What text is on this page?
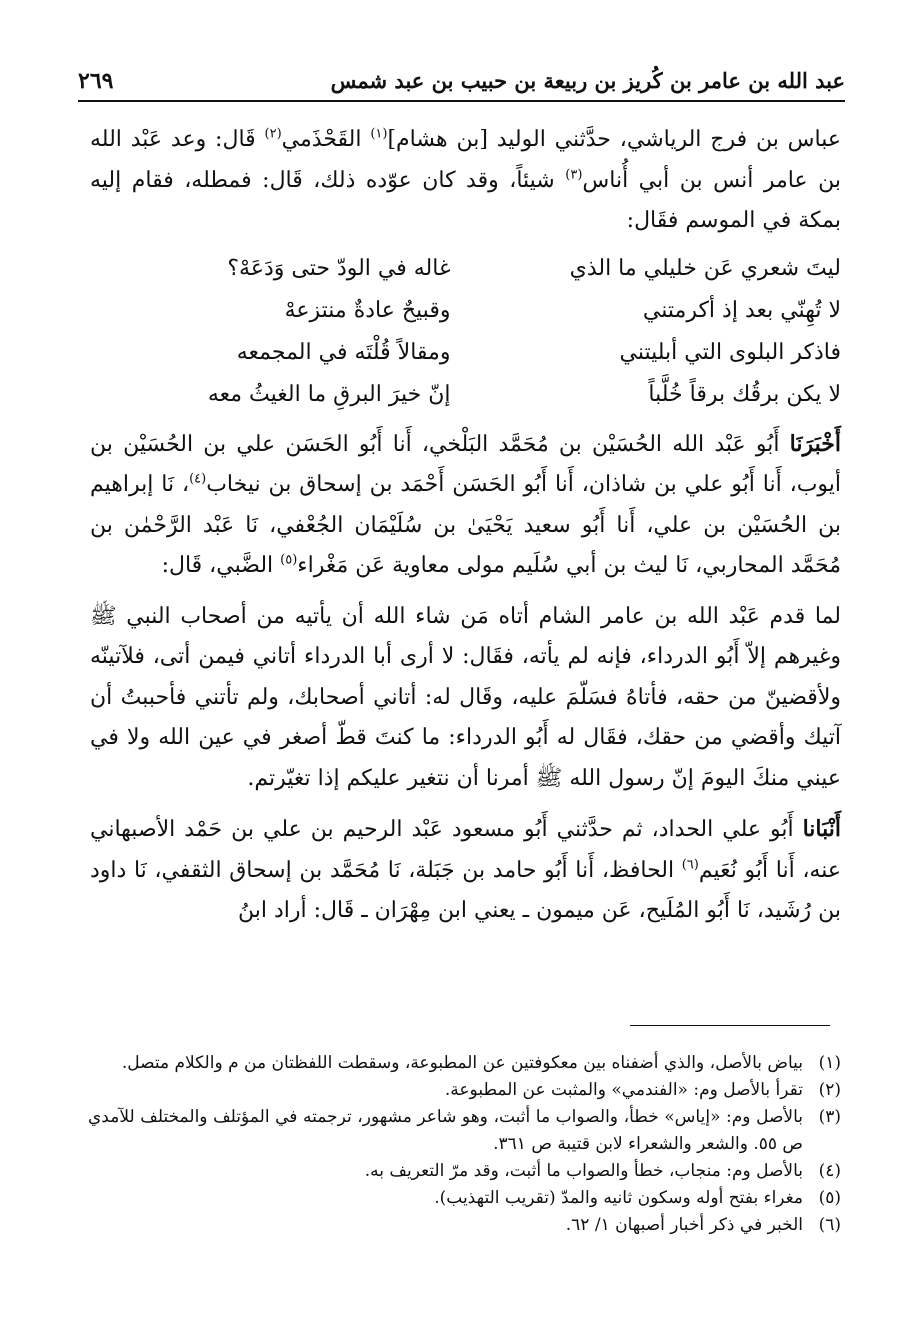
عبد الله بن عامر بن كُريز بن ربيعة بن حبيب بن عبد شمس
٢٦٩

عباس بن فرج الرياشي، حدَّثني الوليد [بن هشام]$^{(١)}$ القَحْذَمي$^{(٢)}$ قَال: وعد عَبْد الله بن عامر أنس بن أبي أُناس$^{(٣)}$ شيئاً، وقد كان عوّده ذلك، قَال: فمطله، فقام إليه بمكة في الموسم فقَال:

ليتَ شعري عَن خليلي ما الذي
غاله في الودّ حتى وَدَعَهْ؟
لا تُهِنّي بعد إذ أكرمتني
وقبيحٌ عادةٌ منتزعهْ
فاذكر البلوى التي أبليتني
ومقالاً قُلْتَه في المجمعه
لا يكن برقُك برقاً خُلَّباً
إنّ خيرَ البرقِ ما الغيثُ معه

أَخْبَرَنَا أَبُو عَبْد الله الحُسَيْن بن مُحَمَّد البَلْخي، أَنا أَبُو الحَسَن علي بن الحُسَيْن بن أيوب، أَنا أَبُو علي بن شاذان، أَنا أَبُو الحَسَن أَحْمَد بن إسحاق بن نيخاب$^{(٤)}$، نَا إبراهيم بن الحُسَيْن بن علي، أَنا أَبُو سعيد يَحْيَىٰ بن سُلَيْمَان الجُعْفي، نَا عَبْد الرَّحْمٰن بن مُحَمَّد المحاربي، نَا ليث بن أبي سُلَيم مولى معاوية عَن مَغْراء$^{(٥)}$ الضَّبي، قَال:

لما قدم عَبْد الله بن عامر الشام أتاه مَن شاء الله أن يأتيه من أصحاب النبي ﷺ وغيرهم إلاّ أَبُو الدرداء، فإنه لم يأته، فقَال: لا أرى أبا الدرداء أتاني فيمن أتى، فلآتينّه ولأقضينّ من حقه، فأتاهُ فسَلّمَ عليه، وقَال له: أتاني أصحابك، ولم تأتني فأحببتُ أن آتيك وأقضي من حقك، فقَال له أَبُو الدرداء: ما كنتَ قطّ أصغر في عين الله ولا في عيني منكَ اليومَ إنّ رسول الله ﷺ أمرنا أن نتغير عليكم إذا تغيّرتم.

أَنْبَانا أَبُو علي الحداد، ثم حدَّثني أَبُو مسعود عَبْد الرحيم بن علي بن حَمْد الأصبهاني عنه، أَنا أَبُو نُعَيم$^{(٦)}$ الحافظ، أَنا أَبُو حامد بن جَبَلة، نَا مُحَمَّد بن إسحاق الثقفي، نَا داود بن رُشَيد، نَا أَبُو المُلَيح، عَن ميمون ـ يعني ابن مِهْرَان ـ قَال: أراد ابنُ

(١)
بياض بالأصل، والذي أضفناه بين معكوفتين عن المطبوعة، وسقطت اللفظتان من م والكلام متصل.

(٢)
تقرأ بالأصل وم: «الفندمي» والمثبت عن المطبوعة.

(٣)
بالأصل وم: «إياس» خطأ، والصواب ما أثبت، وهو شاعر مشهور، ترجمته في المؤتلف والمختلف للآمدي ص ٥٥. والشعر والشعراء لابن قتيبة ص ٣٦١.

(٤)
بالأصل وم: منجاب، خطأ والصواب ما أثبت، وقد مرّ التعريف به.

(٥)
مغراء بفتح أوله وسكون ثانيه والمدّ (تقريب التهذيب).

(٦)
الخبر في ذكر أخبار أصبهان ١/ ٦٢.
